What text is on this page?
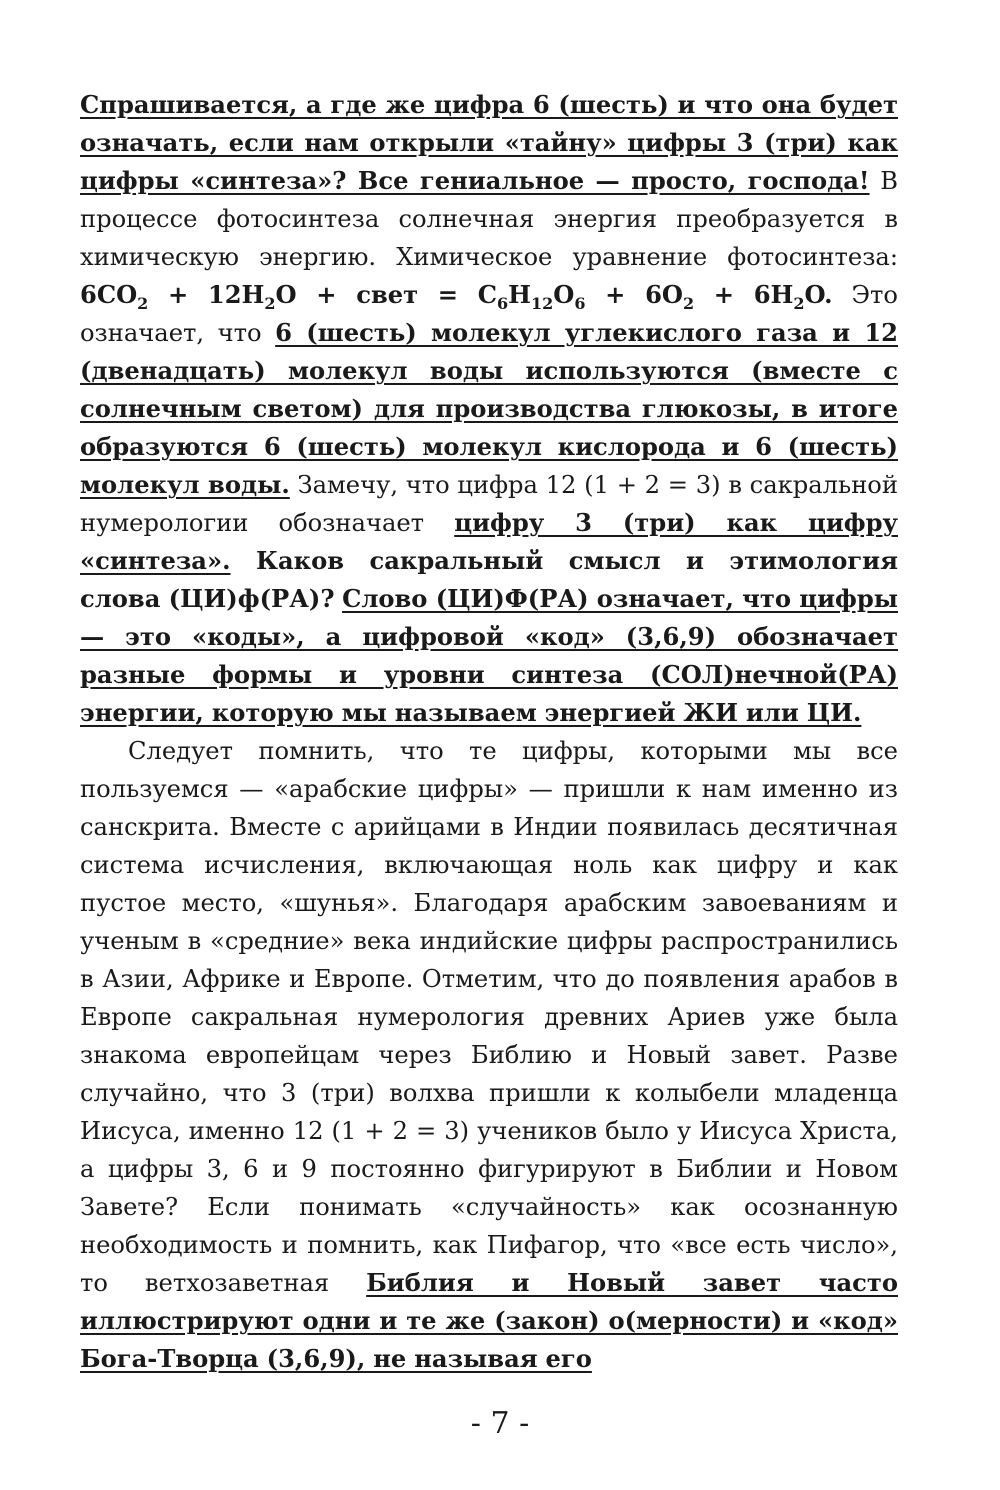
Спрашивается, а где же цифра 6 (шесть) и что она будет означать, если нам открыли «тайну» цифры 3 (три) как цифры «синтеза»? Все гениальное — просто, господа! В процессе фотосинтеза солнечная энергия преобразуется в химическую энергию. Химическое уравнение фотосинтеза: $6CO_2 + 12H_2O$ + свет = $C_6H_{12}O_6 + 6O_2 + 6H_2O$. Это означает, что 6 (шесть) молекул углекислого газа и 12 (двенадцать) молекул воды используются (вместе с солнечным светом) для производства глюкозы, в итоге образуются 6 (шесть) молекул кислорода и 6 (шесть) молекул воды. Замечу, что цифра 12 (1 + 2 = 3) в сакральной нумерологии обозначает цифру 3 (три) как цифру «синтеза». Каков сакральный смысл и этимология слова (ЦИ)ф(РА)? Слово (ЦИ)Ф(РА) означает, что цифры — это «коды», а цифровой «код» (3,6,9) обозначает разные формы и уровни синтеза (СОЛ)нечной(РА) энергии, которую мы называем энергией ЖИ или ЦИ.

Следует помнить, что те цифры, которыми мы все пользуемся — «арабские цифры» — пришли к нам именно из санскрита. Вместе с арийцами в Индии появилась десятичная система исчисления, включающая ноль как цифру и как пустое место, «шунья». Благодаря арабским завоеваниям и ученым в «средние» века индийские цифры распространились в Азии, Африке и Европе. Отметим, что до появления арабов в Европе сакральная нумерология древних Ариев уже была знакома европейцам через Библию и Новый завет. Разве случайно, что 3 (три) волхва пришли к колыбели младенца Иисуса, именно 12 (1 + 2 = 3) учеников было у Иисуса Христа, а цифры 3, 6 и 9 постоянно фигурируют в Библии и Новом Завете? Если понимать «случайность» как осознанную необходимость и помнить, как Пифагор, что «все есть число», то ветхозаветная Библия и Новый завет часто иллюстрируют одни и те же (закон) о(мерности) и «код» Бога-Творца (3,6,9), не называя его

- 7 -
